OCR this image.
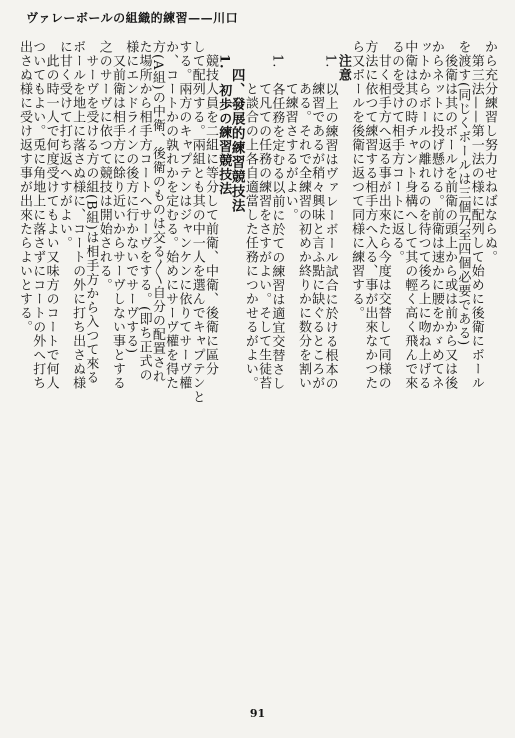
ヴァレーボールの組織的練習——川口
から充分練習し努力せねばならぬ。
第三法——第一法の様に配列して始めに後衛にボール
を渡す(同じくボールは三個乃至四個必要である)
後衛は其のボールを前衛の頭上から或は前から又は後
からネットに投げ懸ける。前衛は速かに腰をかゞめてネ
ットからボールの離れるのを待つて後ろ上に吻ね上げる
中衛は其の時チャント身構へして其の輕く高く飛んで來
るのを受けて相手方コートに返る。
甘く相手方へ返る事が出來たら今度は交替して同様の
方法に依つて練習する相手方へ入る、事が出來なかつた
ら又ボールを後衛に返つて同様に練習する。
注意
1.　以上の練習はヴァレーボール試合に於ける根本の
練習であるが稍々興味と言ふ點に缺ぐるところが
ある。それで全練習の初めか終りかに数分を割い
て練習さするがよい。
1.　各任務を定むる以前に於ての練習は適宜交替さし
て凡ての任務の練習をさすがよい。そして生徒苔
と談合の上各自適當した任務につかせるがよい。
四、發展的練習競技法
1.　初歩の練習競技法
競技人員を二組に等分して前衛、中衛、後衛に區分
して配列する。兩組とも其の中一人を選んでキャプテンと
する。兩方のキャプテンはジャンケンに依りてサーヴ權
か、コートかの孰れかを定むる。始めにサーヴ權を得た
方(A組)の中衛、後衛のものは交る〳〵自分の配置され
た場所から相手方コートへサーヴをする。(即ち正式の
様にエンドラインの後方に行かないでサーヴする)
又前衛は相手方に餘り近いからサーヴしない事とする
之のサーヴに依つて競技は開始される。
サーヴを受ける方の組(B組)は相手方から入つて來る
ボールを地上に落さぬ様に、コートの外に打ち出さぬ様
に甘く受けて打ち返へすがよい。
此の時一人で何度受けてもよい又味方のコートで何人
ついてもよい。兎に角地上に落さずにコートの外へ打ち
出さぬ様に受け返す事が出來たらよいとする。
91
